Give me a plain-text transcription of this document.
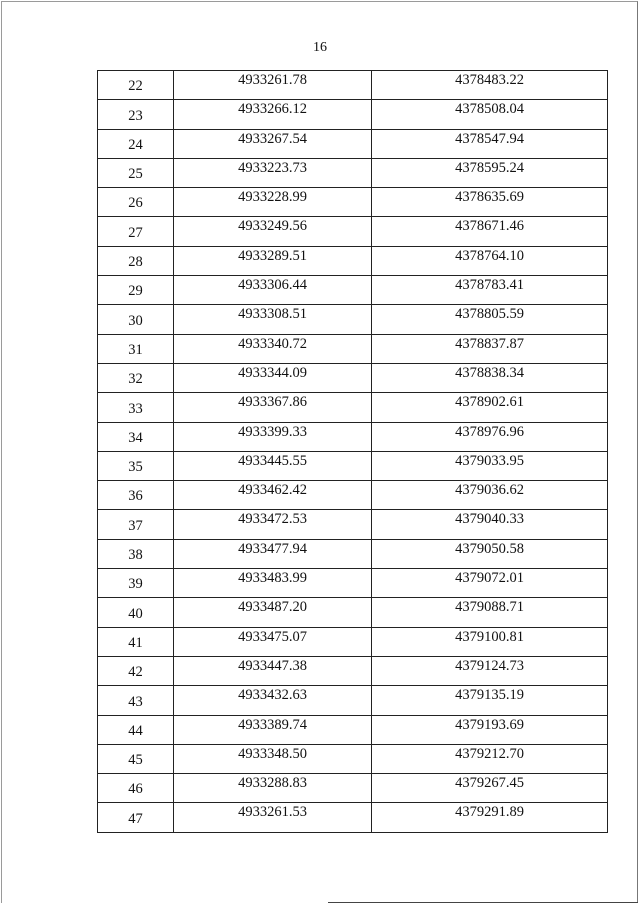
16
22	4933261.78	4378483.22
23	4933266.12	4378508.04
24	4933267.54	4378547.94
25	4933223.73	4378595.24
26	4933228.99	4378635.69
27	4933249.56	4378671.46
28	4933289.51	4378764.10
29	4933306.44	4378783.41
30	4933308.51	4378805.59
31	4933340.72	4378837.87
32	4933344.09	4378838.34
33	4933367.86	4378902.61
34	4933399.33	4378976.96
35	4933445.55	4379033.95
36	4933462.42	4379036.62
37	4933472.53	4379040.33
38	4933477.94	4379050.58
39	4933483.99	4379072.01
40	4933487.20	4379088.71
41	4933475.07	4379100.81
42	4933447.38	4379124.73
43	4933432.63	4379135.19
44	4933389.74	4379193.69
45	4933348.50	4379212.70
46	4933288.83	4379267.45
47	4933261.53	4379291.89
